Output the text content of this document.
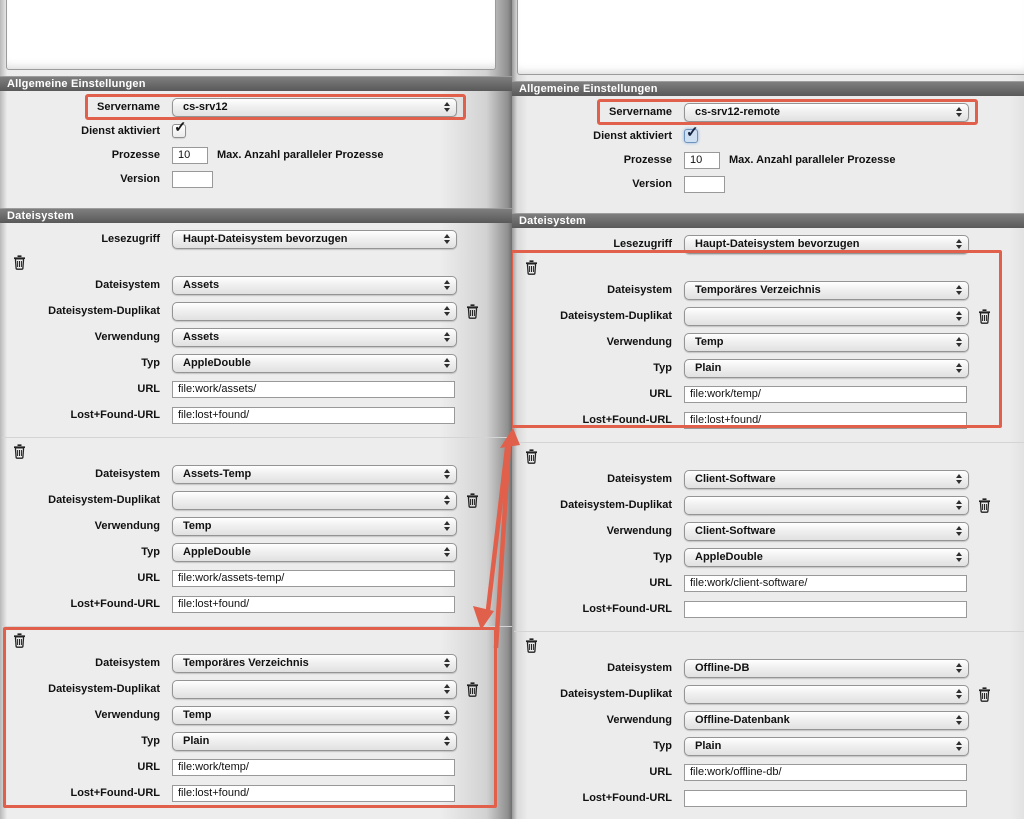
Allgemeine Einstellungen
Servername cs-srv12
Dienst aktiviert ✓
Prozesse
10	Max. Anzahl paralleler Prozesse
Version
Dateisystem
Lesezugriff Haupt-Dateisystem bevorzugen
Dateisystem Assets
Dateisystem-Duplikat
Verwendung Assets
Typ AppleDouble
URL
file:work/assets/
Lost+Found-URL
file:lost+found/
Dateisystem Assets-Temp
Dateisystem-Duplikat
Verwendung Temp
Typ AppleDouble
URL
file:work/assets-temp/
Lost+Found-URL
file:lost+found/
Dateisystem Temporäres Verzeichnis
Dateisystem-Duplikat
Verwendung Temp
Typ Plain
URL
file:work/temp/
Lost+Found-URL
file:lost+found/
Allgemeine Einstellungen
Servername cs-srv12-remote
Dienst aktiviert ✓
Prozesse
10	Max. Anzahl paralleler Prozesse
Version
Dateisystem
Lesezugriff Haupt-Dateisystem bevorzugen
Dateisystem Temporäres Verzeichnis
Dateisystem-Duplikat
Verwendung Temp
Typ Plain
URL
file:work/temp/
Lost+Found-URL
file:lost+found/
Dateisystem Client-Software
Dateisystem-Duplikat
Verwendung Client-Software
Typ AppleDouble
URL
file:work/client-software/
Lost+Found-URL
Dateisystem Offline-DB
Dateisystem-Duplikat
Verwendung Offline-Datenbank
Typ Plain
URL
file:work/offline-db/
Lost+Found-URL
